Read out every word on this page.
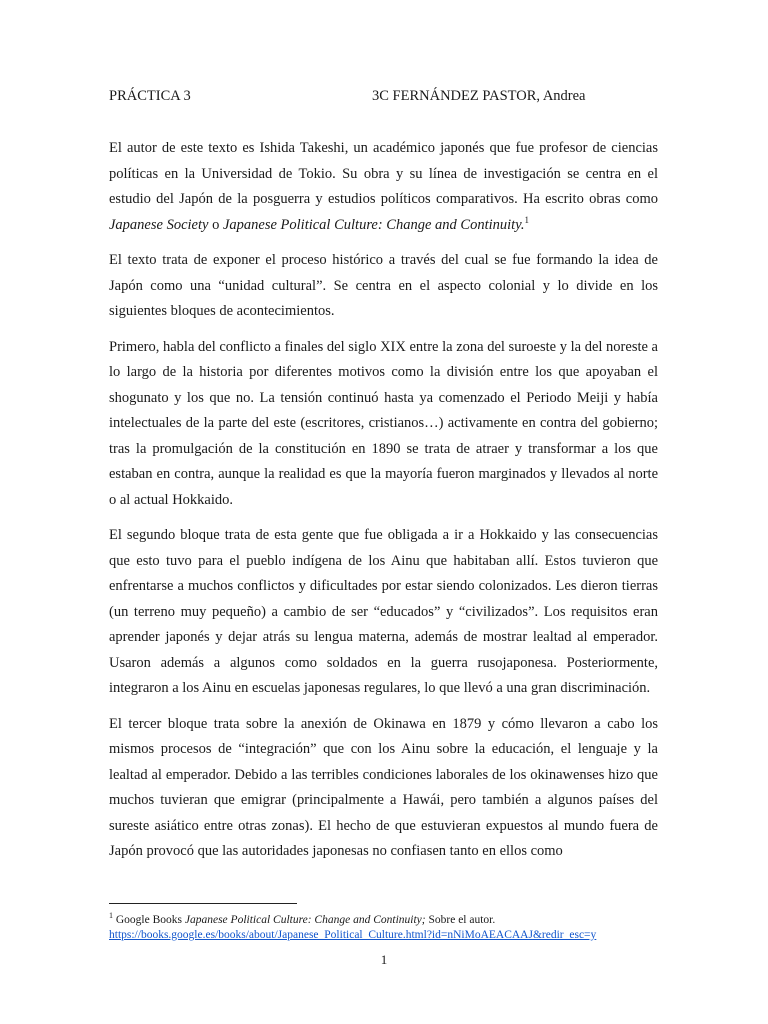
PRÁCTICA 3	3C FERNÁNDEZ PASTOR, Andrea

El autor de este texto es Ishida Takeshi, un académico japonés que fue profesor de ciencias políticas en la Universidad de Tokio. Su obra y su línea de investigación se centra en el estudio del Japón de la posguerra y estudios políticos comparativos. Ha escrito obras como Japanese Society o Japanese Political Culture: Change and Continuity.$^1$

El texto trata de exponer el proceso histórico a través del cual se fue formando la idea de Japón como una “unidad cultural”. Se centra en el aspecto colonial y lo divide en los siguientes bloques de acontecimientos.

Primero, habla del conflicto a finales del siglo XIX entre la zona del suroeste y la del noreste a lo largo de la historia por diferentes motivos como la división entre los que apoyaban el shogunato y los que no. La tensión continuó hasta ya comenzado el Periodo Meiji y había intelectuales de la parte del este (escritores, cristianos…) activamente en contra del gobierno; tras la promulgación de la constitución en 1890 se trata de atraer y transformar a los que estaban en contra, aunque la realidad es que la mayoría fueron marginados y llevados al norte o al actual Hokkaido.

El segundo bloque trata de esta gente que fue obligada a ir a Hokkaido y las consecuencias que esto tuvo para el pueblo indígena de los Ainu que habitaban allí. Estos tuvieron que enfrentarse a muchos conflictos y dificultades por estar siendo colonizados. Les dieron tierras (un terreno muy pequeño) a cambio de ser “educados” y “civilizados”. Los requisitos eran aprender japonés y dejar atrás su lengua materna, además de mostrar lealtad al emperador. Usaron además a algunos como soldados en la guerra rusojaponesa. Posteriormente, integraron a los Ainu en escuelas japonesas regulares, lo que llevó a una gran discriminación.

El tercer bloque trata sobre la anexión de Okinawa en 1879 y cómo llevaron a cabo los mismos procesos de “integración” que con los Ainu sobre la educación, el lenguaje y la lealtad al emperador. Debido a las terribles condiciones laborales de los okinawenses hizo que muchos tuvieran que emigrar (principalmente a Hawái, pero también a algunos países del sureste asiático entre otras zonas). El hecho de que estuvieran expuestos al mundo fuera de Japón provocó que las autoridades japonesas no confiasen tanto en ellos como

$^1$ Google Books Japanese Political Culture: Change and Continuity; Sobre el autor.
https://books.google.es/books/about/Japanese_Political_Culture.html?id=nNiMoAEACAAJ&redir_esc=y
1
